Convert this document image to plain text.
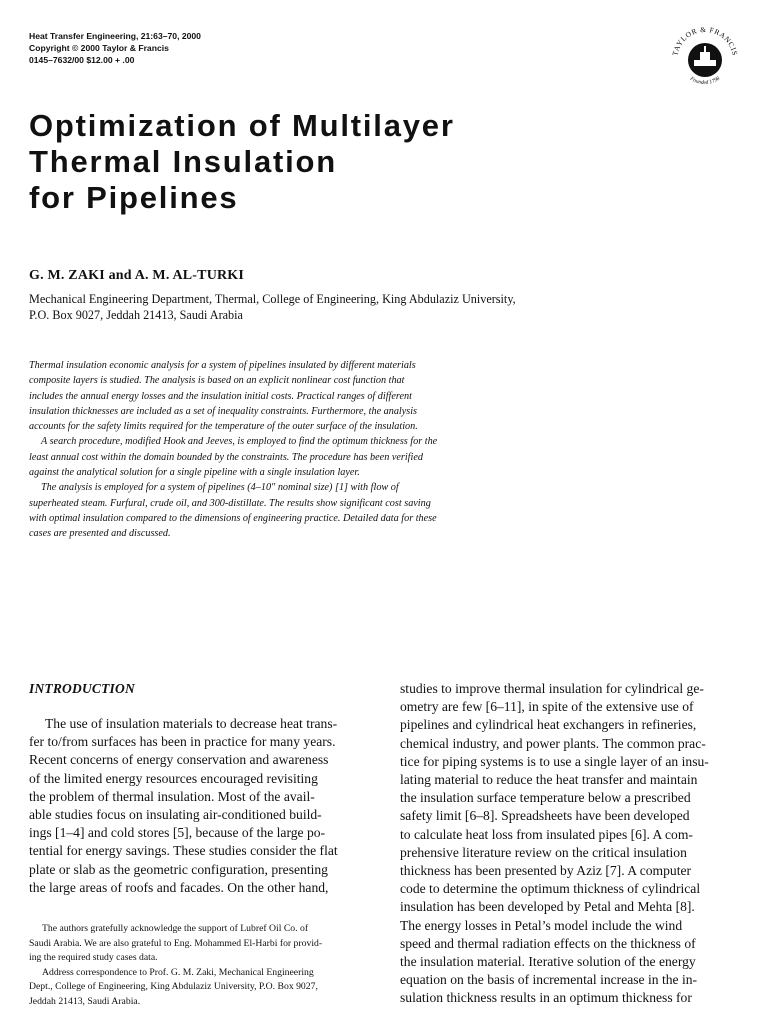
Heat Transfer Engineering, 21:63–70, 2000
Copyright © 2000 Taylor & Francis
0145–7632/00 $12.00 + .00
TAYLOR & FRANCIS
Founded 1798
Optimization of Multilayer
Thermal Insulation
for Pipelines
G. M. ZAKI and A. M. AL-TURKI
Mechanical Engineering Department, Thermal, College of Engineering, King Abdulaziz University,
P.O. Box 9027, Jeddah 21413, Saudi Arabia
Thermal insulation economic analysis for a system of pipelines insulated by different materials
composite layers is studied. The analysis is based on an explicit nonlinear cost function that
includes the annual energy losses and the insulation initial costs. Practical ranges of different
insulation thicknesses are included as a set of inequality constraints. Furthermore, the analysis
accounts for the safety limits required for the temperature of the outer surface of the insulation.
A search procedure, modified Hook and Jeeves, is employed to find the optimum thickness for the
least annual cost within the domain bounded by the constraints. The procedure has been verified
against the analytical solution for a single pipeline with a single insulation layer.
The analysis is employed for a system of pipelines (4–10″ nominal size) [1] with flow of
superheated steam. Furfural, crude oil, and 300-distillate. The results show significant cost saving
with optimal insulation compared to the dimensions of engineering practice. Detailed data for these
cases are presented and discussed.
INTRODUCTION
The use of insulation materials to decrease heat trans-
fer to/from surfaces has been in practice for many years.
Recent concerns of energy conservation and awareness
of the limited energy resources encouraged revisiting
the problem of thermal insulation. Most of the avail-
able studies focus on insulating air-conditioned build-
ings [1–4] and cold stores [5], because of the large po-
tential for energy savings. These studies consider the flat
plate or slab as the geometric configuration, presenting
the large areas of roofs and facades. On the other hand,
The authors gratefully acknowledge the support of Lubref Oil Co. of
Saudi Arabia. We are also grateful to Eng. Mohammed El-Harbi for provid-
ing the required study cases data.
Address correspondence to Prof. G. M. Zaki, Mechanical Engineering
Dept., College of Engineering, King Abdulaziz University, P.O. Box 9027,
Jeddah 21413, Saudi Arabia.
studies to improve thermal insulation for cylindrical ge-
ometry are few [6–11], in spite of the extensive use of
pipelines and cylindrical heat exchangers in refineries,
chemical industry, and power plants. The common prac-
tice for piping systems is to use a single layer of an insu-
lating material to reduce the heat transfer and maintain
the insulation surface temperature below a prescribed
safety limit [6–8]. Spreadsheets have been developed
to calculate heat loss from insulated pipes [6]. A com-
prehensive literature review on the critical insulation
thickness has been presented by Aziz [7]. A computer
code to determine the optimum thickness of cylindrical
insulation has been developed by Petal and Mehta [8].
The energy losses in Petal’s model include the wind
speed and thermal radiation effects on the thickness of
the insulation material. Iterative solution of the energy
equation on the basis of incremental increase in the in-
sulation thickness results in an optimum thickness for
